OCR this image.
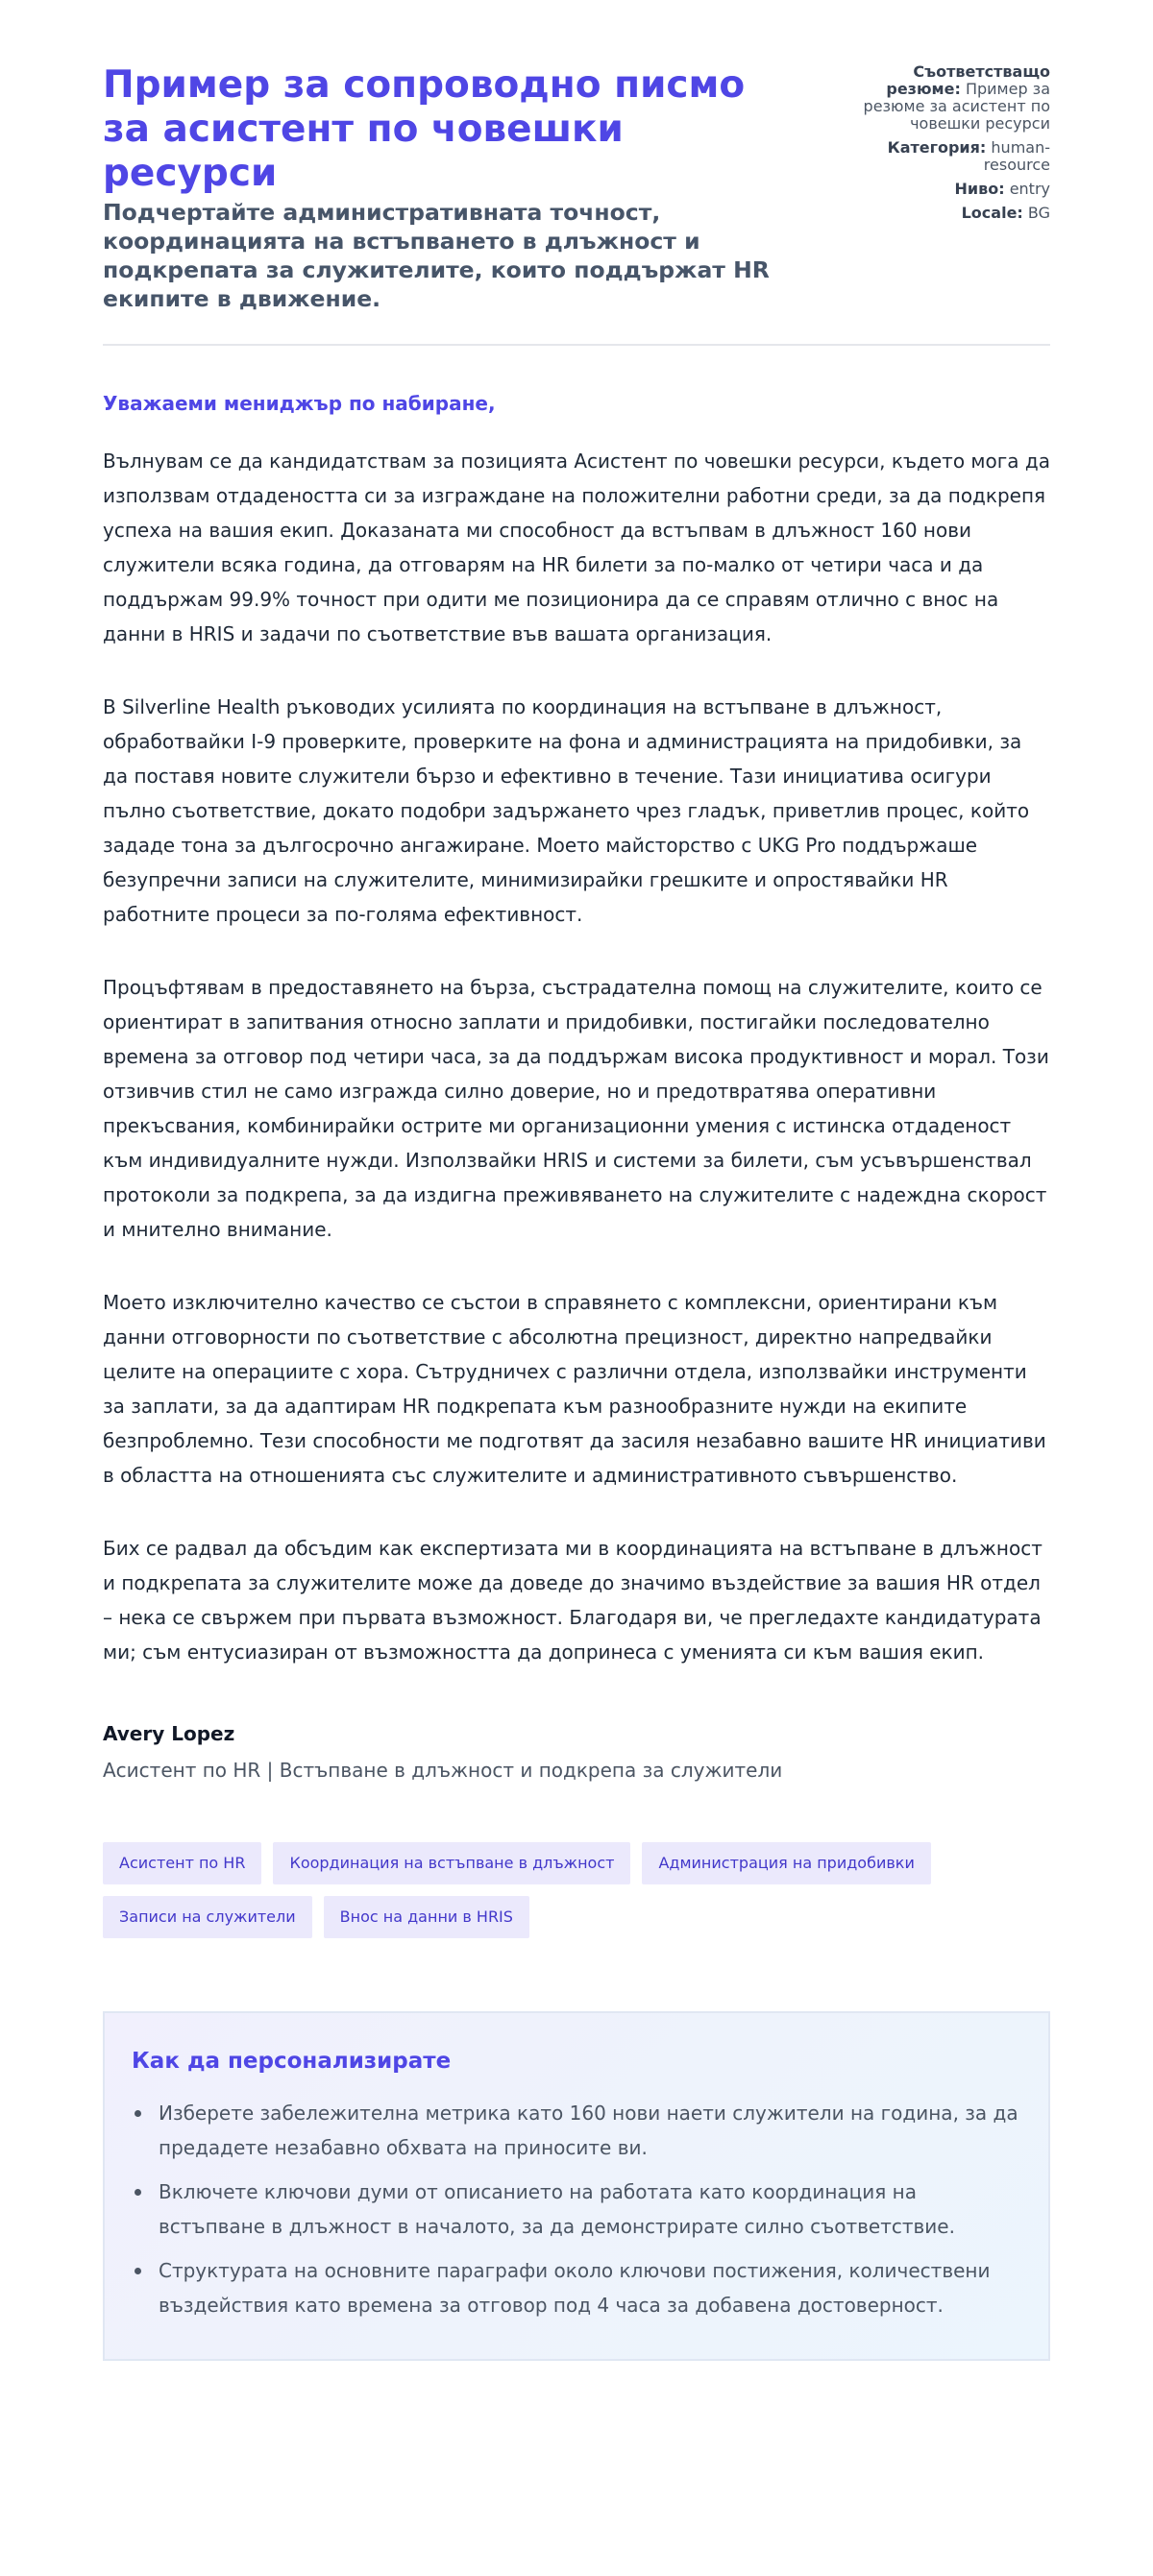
Пример за сопроводно писмо за асистент по човешки ресурси
Подчертайте административната точност, координацията на встъпването в длъжност и подкрепата за служителите, които поддържат HR екипите в движение.
Съответстващо резюме: Пример за резюме за асистент по човешки ресурси
Категория: human-resource
Ниво: entry
Locale: BG

Уважаеми мениджър по набиране,

Вълнувам се да кандидатствам за позицията Асистент по човешки ресурси, където мога да използвам отдадеността си за изграждане на положителни работни среди, за да подкрепя успеха на вашия екип. Доказаната ми способност да встъпвам в длъжност 160 нови служители всяка година, да отговарям на HR билети за по-малко от четири часа и да поддържам 99.9% точност при одити ме позиционира да се справям отлично с внос на данни в HRIS и задачи по съответствие във вашата организация.

В Silverline Health ръководих усилията по координация на встъпване в длъжност, обработвайки I-9 проверките, проверките на фона и администрацията на придобивки, за да поставя новите служители бързо и ефективно в течение. Тази инициатива осигури пълно съответствие, докато подобри задържането чрез гладък, приветлив процес, който зададе тона за дългосрочно ангажиране. Моето майсторство с UKG Pro поддържаше безупречни записи на служителите, минимизирайки грешките и опростявайки HR работните процеси за по-голяма ефективност.

Процъфтявам в предоставянето на бърза, състрадателна помощ на служителите, които се ориентират в запитвания относно заплати и придобивки, постигайки последователно времена за отговор под четири часа, за да поддържам висока продуктивност и морал. Този отзивчив стил не само изгражда силно доверие, но и предотвратява оперативни прекъсвания, комбинирайки острите ми организационни умения с истинска отдаденост към индивидуалните нужди. Използвайки HRIS и системи за билети, съм усъвършенствал протоколи за подкрепа, за да издигна преживяването на служителите с надеждна скорост и мнително внимание.

Моето изключително качество се състои в справянето с комплексни, ориентирани към данни отговорности по съответствие с абсолютна прецизност, директно напредвайки целите на операциите с хора. Сътрудничех с различни отдела, използвайки инструменти за заплати, за да адаптирам HR подкрепата към разнообразните нужди на екипите безпроблемно. Тези способности ме подготвят да засиля незабавно вашите HR инициативи в областта на отношенията със служителите и административното съвършенство.

Бих се радвал да обсъдим как експертизата ми в координацията на встъпване в длъжност и подкрепата за служителите може да доведе до значимо въздействие за вашия HR отдел – нека се свържем при първата възможност. Благодаря ви, че прегледахте кандидатурата ми; съм ентусиазиран от възможността да допринеса с уменията си към вашия екип.

Avery Lopez
Асистент по HR | Встъпване в длъжност и подкрепа за служители
Асистент по HR	Координация на встъпване в длъжност	Администрация на придобивки
Записи на служители	Внос на данни в HRIS
Как да персонализирате
Изберете забележителна метрика като 160 нови наети служители на година, за да предадете незабавно обхвата на приносите ви.
Включете ключови думи от описанието на работата като координация на встъпване в длъжност в началото, за да демонстрирате силно съответствие.
Структурата на основните параграфи около ключови постижения, количествени въздействия като времена за отговор под 4 часа за добавена достоверност.
